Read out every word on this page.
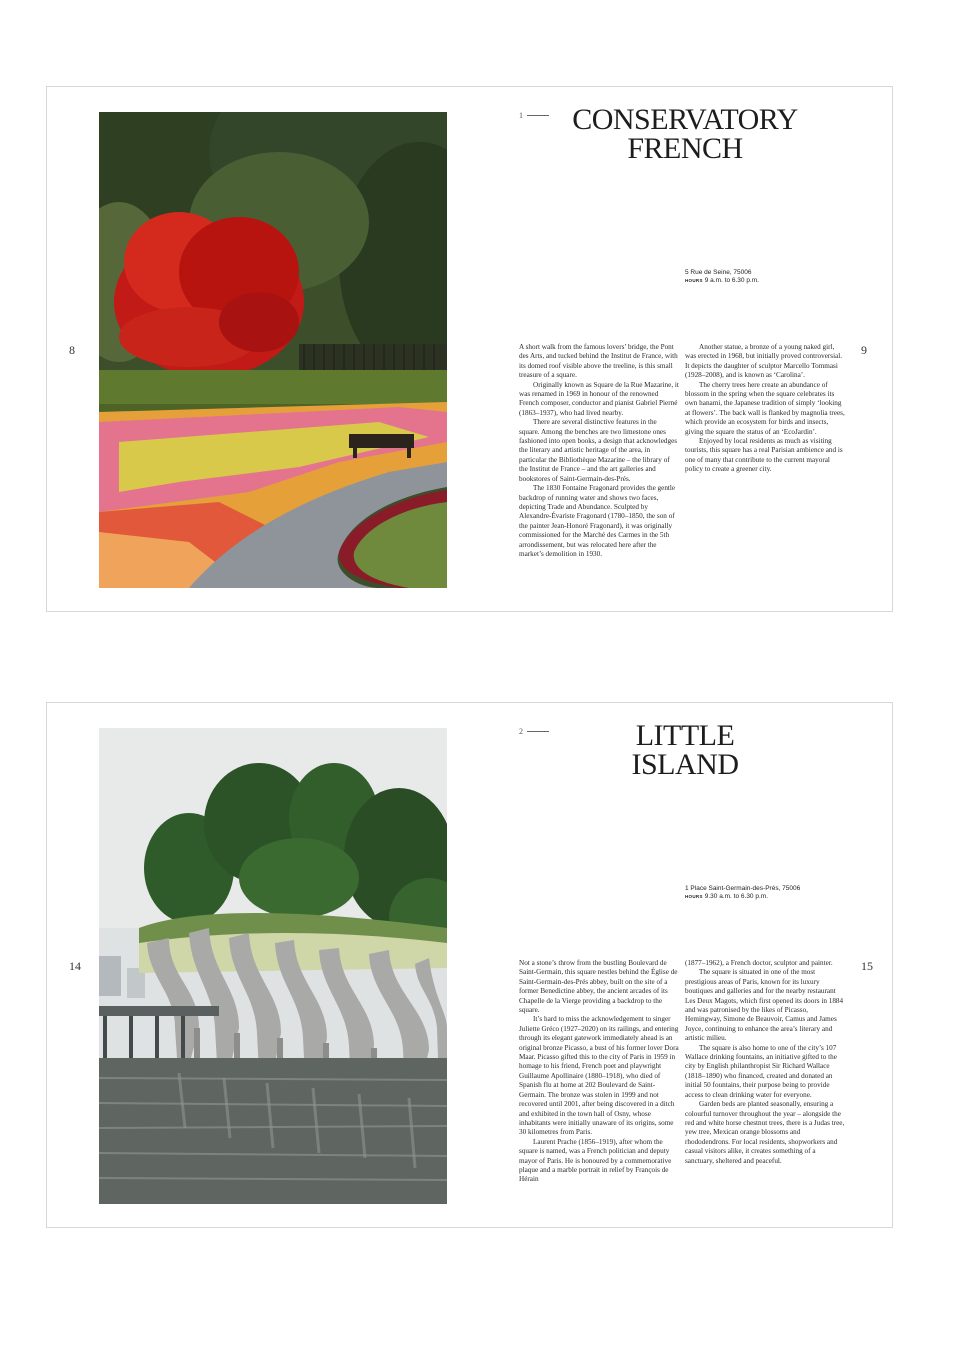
8	9
1	CONSERVATORY
FRENCH
5 Rue de Seine, 75006
HOURS 9 a.m. to 6.30 p.m.

A short walk from the famous lovers’ bridge, the Pont des Arts, and tucked behind the Institut de France, with its domed roof visible above the treeline, is this small treasure of a square.

Originally known as Square de la Rue Mazarine, it was renamed in 1969 in honour of the renowned French composer, conductor and pianist Gabriel Pierné (1863–1937), who had lived nearby.

There are several distinctive features in the square. Among the benches are two limestone ones fashioned into open books, a design that acknowledges the literary and artistic heritage of the area, in particular the Bibliothèque Mazarine – the library of the Institut de France – and the art galleries and bookstores of Saint-Germain-des-Prés.

The 1830 Fontaine Fragonard provides the gentle backdrop of running water and shows two faces, depicting Trade and Abundance. Sculpted by Alexandre-Évariste Fragonard (1780–1850, the son of the painter Jean-Honoré Fragonard), it was originally commissioned for the Marché des Carmes in the 5th arrondissement, but was relocated here after the market’s demolition in 1930.

Another statue, a bronze of a young naked girl, was erected in 1968, but initially proved controversial. It depicts the daughter of sculptor Marcello Tommasi (1928–2008), and is known as ‘Carolina’.

The cherry trees here create an abundance of blossom in the spring when the square celebrates its own hanami, the Japanese tradition of simply ‘looking at flowers’. The back wall is flanked by magnolia trees, which provide an ecosystem for birds and insects, giving the square the status of an ‘EcoJardin’.

Enjoyed by local residents as much as visiting tourists, this square has a real Parisian ambience and is one of many that contribute to the current mayoral policy to create a greener city.

14	15
2	LITTLE
ISLAND
1 Place Saint-Germain-des-Prés, 75006
HOURS 9.30 a.m. to 6.30 p.m.

Not a stone’s throw from the bustling Boulevard de Saint-Germain, this square nestles behind the Église de Saint-Germain-des-Prés abbey, built on the site of a former Benedictine abbey, the ancient arcades of its Chapelle de la Vierge providing a backdrop to the square.

It’s hard to miss the acknowledgement to singer Juliette Gréco (1927–2020) on its railings, and entering through its elegant gatework immediately ahead is an original bronze Picasso, a bust of his former lover Dora Maar. Picasso gifted this to the city of Paris in 1959 in homage to his friend, French poet and playwright Guillaume Apollinaire (1880–1918), who died of Spanish flu at home at 202 Boulevard de Saint-Germain. The bronze was stolen in 1999 and not recovered until 2001, after being discovered in a ditch and exhibited in the town hall of Osny, whose inhabitants were initially unaware of its origins, some 30 kilometres from Paris.

Laurent Prache (1856–1919), after whom the square is named, was a French politician and deputy mayor of Paris. He is honoured by a commemorative plaque and a marble portrait in relief by François de Hérain

(1877–1962), a French doctor, sculptor and painter.

The square is situated in one of the most prestigious areas of Paris, known for its luxury boutiques and galleries and for the nearby restaurant Les Deux Magots, which first opened its doors in 1884 and was patronised by the likes of Picasso, Hemingway, Simone de Beauvoir, Camus and James Joyce, continuing to enhance the area’s literary and artistic milieu.

The square is also home to one of the city’s 107 Wallace drinking fountains, an initiative gifted to the city by English philanthropist Sir Richard Wallace (1818–1890) who financed, created and donated an initial 50 fountains, their purpose being to provide access to clean drinking water for everyone.

Garden beds are planted seasonally, ensuring a colourful turnover throughout the year – alongside the red and white horse chestnut trees, there is a Judas tree, yew tree, Mexican orange blossoms and rhododendrons. For local residents, shopworkers and casual visitors alike, it creates something of a sanctuary, sheltered and peaceful.
